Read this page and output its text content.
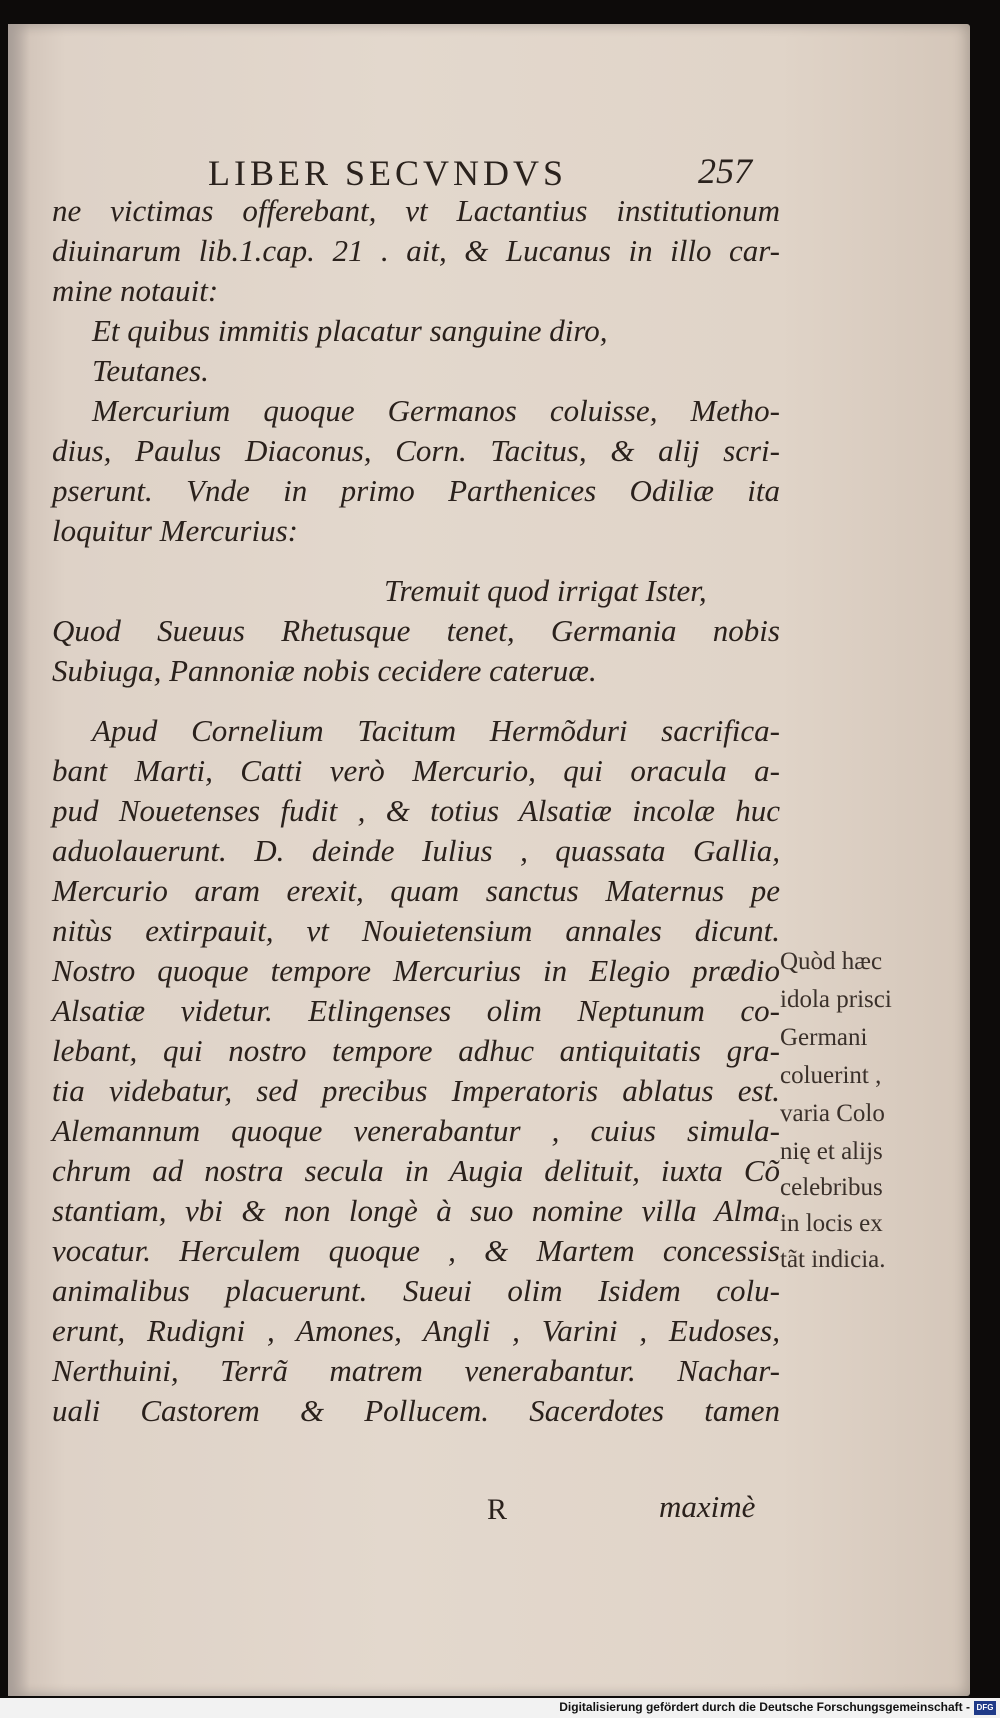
LIBER SECVNDVS	257
ne victimas offerebant, vt Lactantius institutionum
diuinarum lib.1.cap. 21 . ait, & Lucanus in illo car-
mine notauit:
Et quibus immitis placatur sanguine diro,
Teutanes.
Mercurium quoque Germanos coluisse, Metho-
dius, Paulus Diaconus, Corn. Tacitus, & alij scri-
pserunt. Vnde in primo Parthenices Odiliæ ita
loquitur Mercurius:
Tremuit quod irrigat Ister,
Quod Sueuus Rhetusque tenet, Germania nobis
Subiuga, Pannoniæ nobis cecidere cateruæ.
Apud Cornelium Tacitum Hermõduri sacrifica-
bant Marti, Catti verò Mercurio, qui oracula a-
pud Nouetenses fudit , & totius Alsatiæ incolæ huc
aduolauerunt. D. deinde Iulius , quassata Gallia,
Mercurio aram erexit, quam sanctus Maternus pe
nitùs extirpauit, vt Nouietensium annales dicunt.
Nostro quoque tempore Mercurius in Elegio prædio
Alsatiæ videtur. Etlingenses olim Neptunum co-
lebant, qui nostro tempore adhuc antiquitatis gra-
tia videbatur, sed precibus Imperatoris ablatus est.
Alemannum quoque venerabantur , cuius simula-
chrum ad nostra secula in Augia delituit, iuxta Cõ
stantiam, vbi & non longè à suo nomine villa Alma
vocatur. Herculem quoque , & Martem concessis
animalibus placuerunt. Sueui olim Isidem colu-
erunt, Rudigni , Amones, Angli , Varini , Eudoses,
Nerthuini, Terrã matrem venerabantur. Nachar-
uali Castorem & Pollucem. Sacerdotes tamen
Quòd hæc
idola prisci
Germani
coluerint ,
varia Colo
nię et alijs
celebribus
in locis ex
tãt indicia.
R	maximè
Digitalisierung gefördert durch die Deutsche Forschungsgemeinschaft - DFG
